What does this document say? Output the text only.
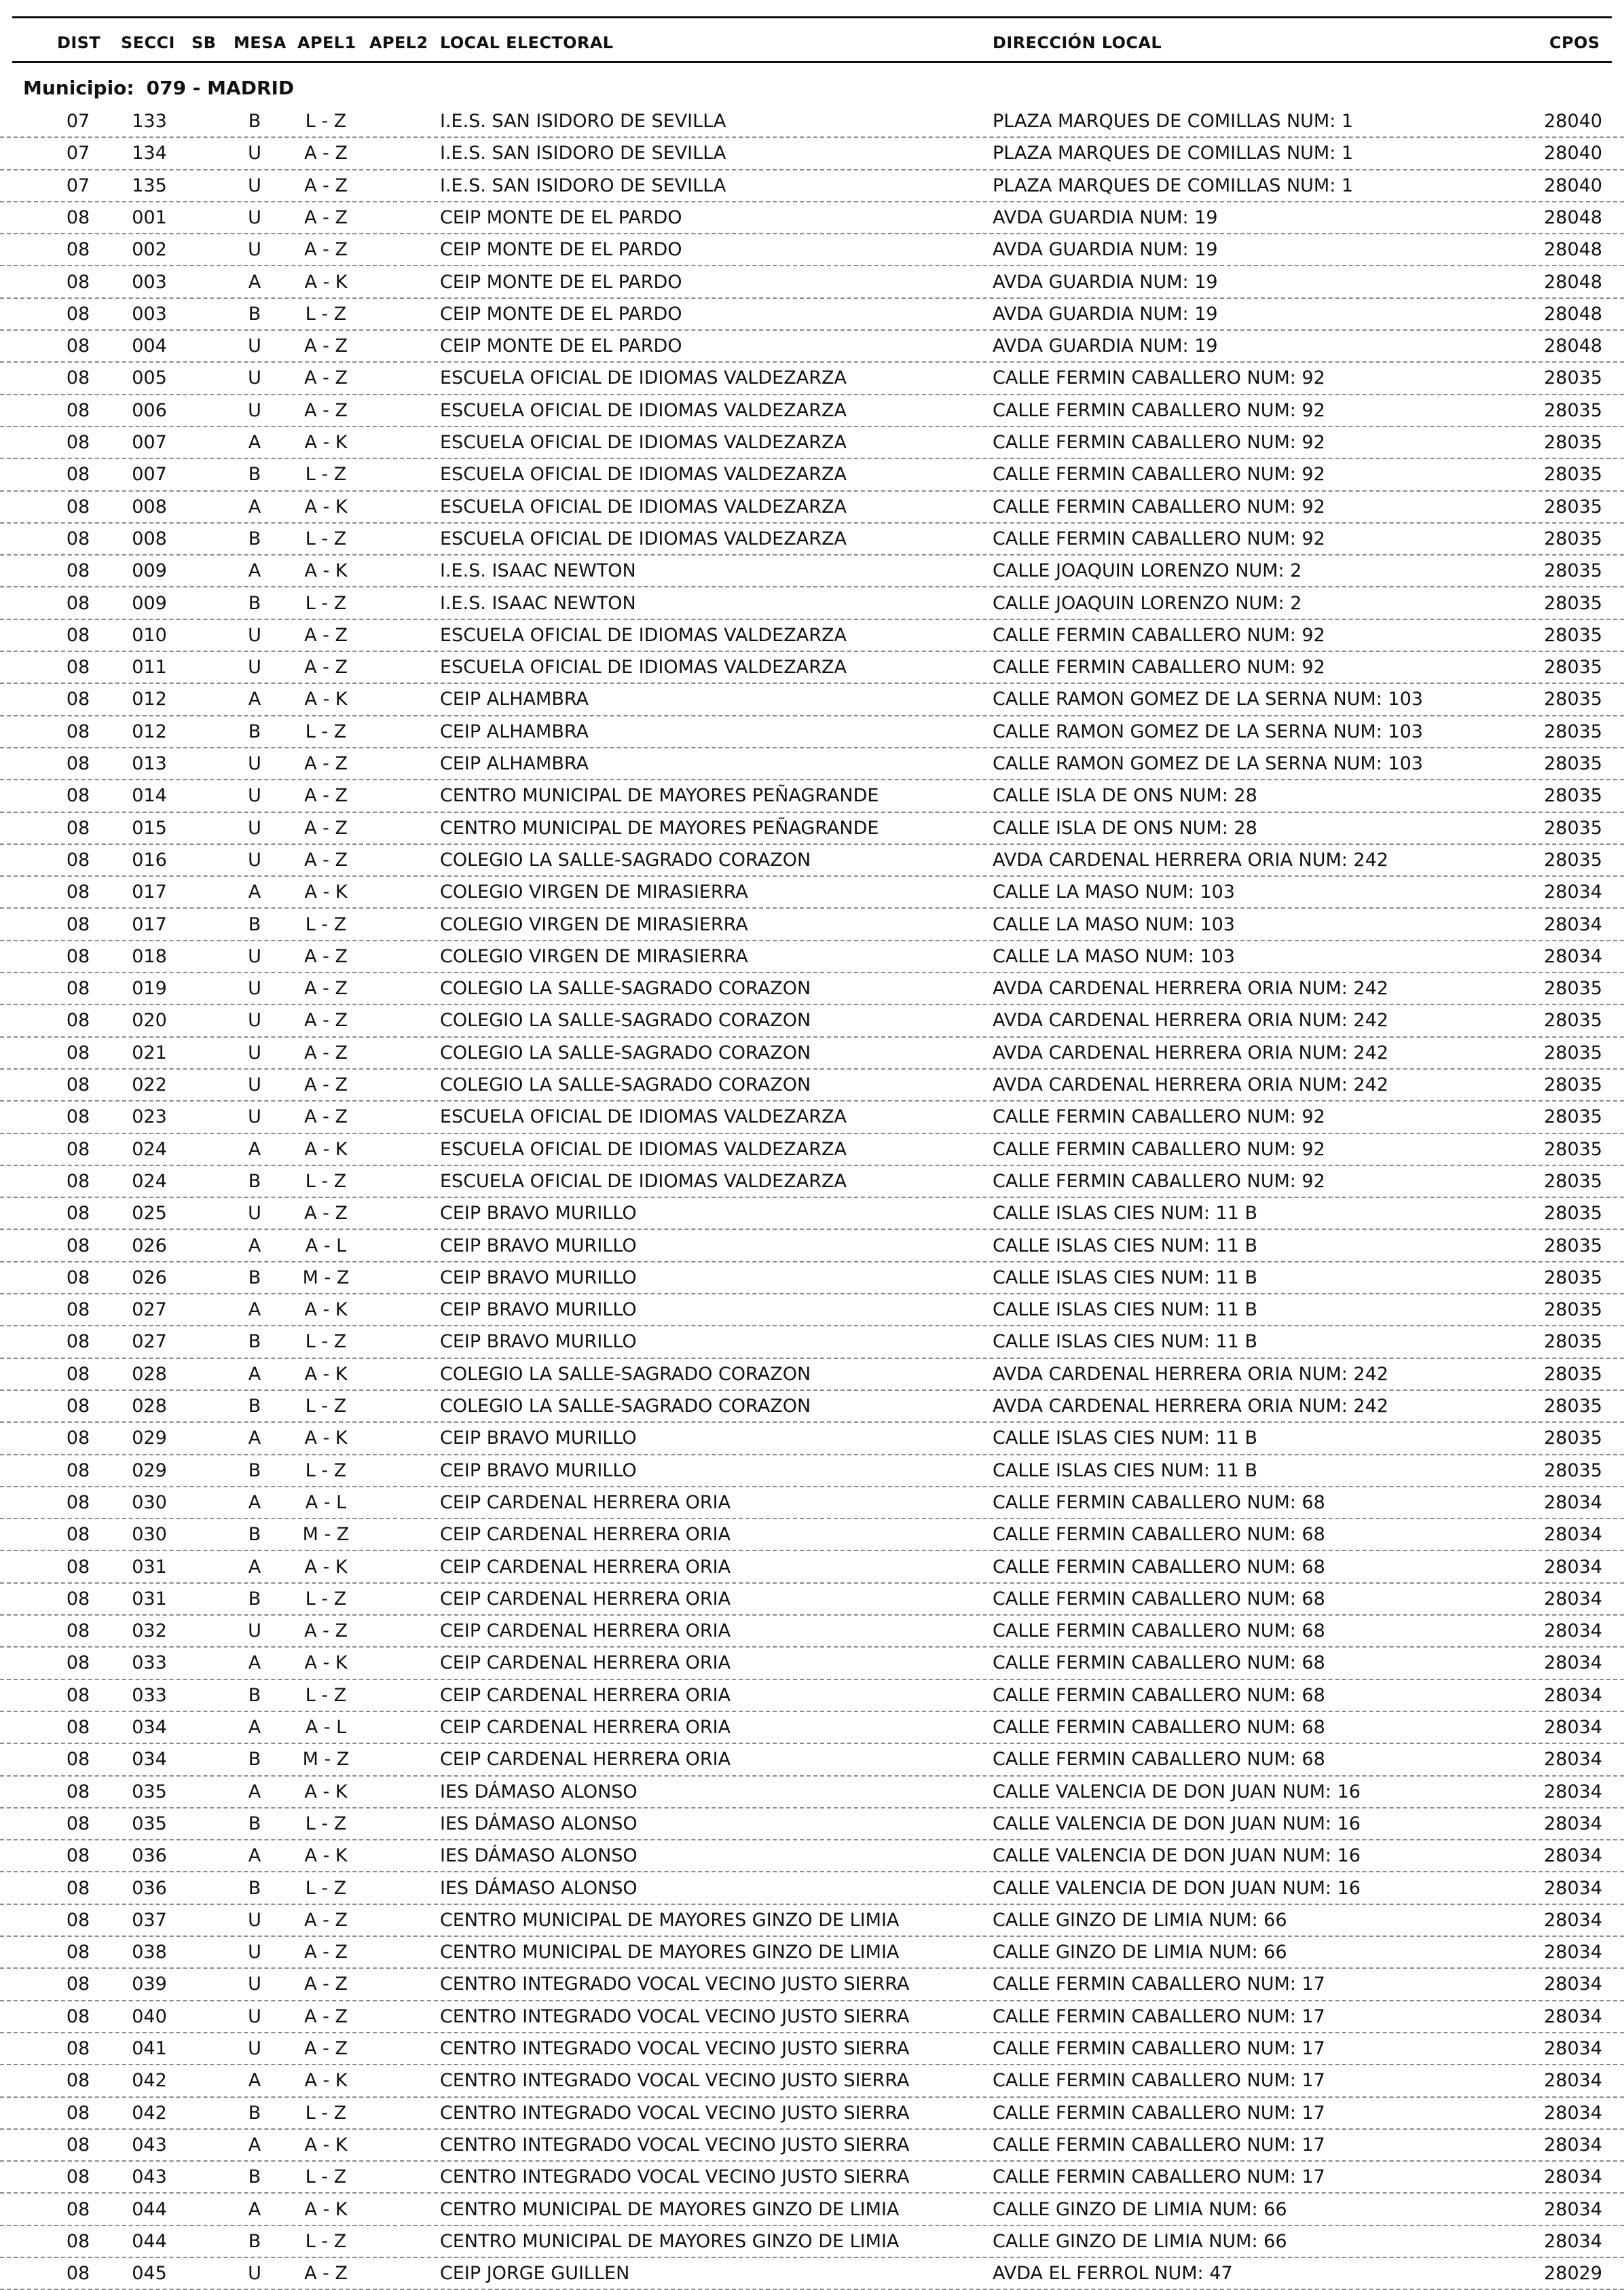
DIST SECCI SB MESA APEL1 APEL2 LOCAL ELECTORAL	DIRECCIÓN LOCAL	CPOS
Municipio: 079 - MADRID
07	133	B	L - Z	I.E.S. SAN ISIDORO DE SEVILLA	PLAZA MARQUES DE COMILLAS NUM: 1	28040
07	134	U	A - Z	I.E.S. SAN ISIDORO DE SEVILLA	PLAZA MARQUES DE COMILLAS NUM: 1	28040
07	135	U	A - Z	I.E.S. SAN ISIDORO DE SEVILLA	PLAZA MARQUES DE COMILLAS NUM: 1	28040
08	001	U	A - Z	CEIP MONTE DE EL PARDO	AVDA GUARDIA NUM: 19	28048
08	002	U	A - Z	CEIP MONTE DE EL PARDO	AVDA GUARDIA NUM: 19	28048
08	003	A	A - K	CEIP MONTE DE EL PARDO	AVDA GUARDIA NUM: 19	28048
08	003	B	L - Z	CEIP MONTE DE EL PARDO	AVDA GUARDIA NUM: 19	28048
08	004	U	A - Z	CEIP MONTE DE EL PARDO	AVDA GUARDIA NUM: 19	28048
08	005	U	A - Z	ESCUELA OFICIAL DE IDIOMAS VALDEZARZA	CALLE FERMIN CABALLERO NUM: 92	28035
08	006	U	A - Z	ESCUELA OFICIAL DE IDIOMAS VALDEZARZA	CALLE FERMIN CABALLERO NUM: 92	28035
08	007	A	A - K	ESCUELA OFICIAL DE IDIOMAS VALDEZARZA	CALLE FERMIN CABALLERO NUM: 92	28035
08	007	B	L - Z	ESCUELA OFICIAL DE IDIOMAS VALDEZARZA	CALLE FERMIN CABALLERO NUM: 92	28035
08	008	A	A - K	ESCUELA OFICIAL DE IDIOMAS VALDEZARZA	CALLE FERMIN CABALLERO NUM: 92	28035
08	008	B	L - Z	ESCUELA OFICIAL DE IDIOMAS VALDEZARZA	CALLE FERMIN CABALLERO NUM: 92	28035
08	009	A	A - K	I.E.S. ISAAC NEWTON	CALLE JOAQUIN LORENZO NUM: 2	28035
08	009	B	L - Z	I.E.S. ISAAC NEWTON	CALLE JOAQUIN LORENZO NUM: 2	28035
08	010	U	A - Z	ESCUELA OFICIAL DE IDIOMAS VALDEZARZA	CALLE FERMIN CABALLERO NUM: 92	28035
08	011	U	A - Z	ESCUELA OFICIAL DE IDIOMAS VALDEZARZA	CALLE FERMIN CABALLERO NUM: 92	28035
08	012	A	A - K	CEIP ALHAMBRA	CALLE RAMON GOMEZ DE LA SERNA NUM: 103	28035
08	012	B	L - Z	CEIP ALHAMBRA	CALLE RAMON GOMEZ DE LA SERNA NUM: 103	28035
08	013	U	A - Z	CEIP ALHAMBRA	CALLE RAMON GOMEZ DE LA SERNA NUM: 103	28035
08	014	U	A - Z	CENTRO MUNICIPAL DE MAYORES PEÑAGRANDE	CALLE ISLA DE ONS NUM: 28	28035
08	015	U	A - Z	CENTRO MUNICIPAL DE MAYORES PEÑAGRANDE	CALLE ISLA DE ONS NUM: 28	28035
08	016	U	A - Z	COLEGIO LA SALLE-SAGRADO CORAZON	AVDA CARDENAL HERRERA ORIA NUM: 242	28035
08	017	A	A - K	COLEGIO VIRGEN DE MIRASIERRA	CALLE LA MASO NUM: 103	28034
08	017	B	L - Z	COLEGIO VIRGEN DE MIRASIERRA	CALLE LA MASO NUM: 103	28034
08	018	U	A - Z	COLEGIO VIRGEN DE MIRASIERRA	CALLE LA MASO NUM: 103	28034
08	019	U	A - Z	COLEGIO LA SALLE-SAGRADO CORAZON	AVDA CARDENAL HERRERA ORIA NUM: 242	28035
08	020	U	A - Z	COLEGIO LA SALLE-SAGRADO CORAZON	AVDA CARDENAL HERRERA ORIA NUM: 242	28035
08	021	U	A - Z	COLEGIO LA SALLE-SAGRADO CORAZON	AVDA CARDENAL HERRERA ORIA NUM: 242	28035
08	022	U	A - Z	COLEGIO LA SALLE-SAGRADO CORAZON	AVDA CARDENAL HERRERA ORIA NUM: 242	28035
08	023	U	A - Z	ESCUELA OFICIAL DE IDIOMAS VALDEZARZA	CALLE FERMIN CABALLERO NUM: 92	28035
08	024	A	A - K	ESCUELA OFICIAL DE IDIOMAS VALDEZARZA	CALLE FERMIN CABALLERO NUM: 92	28035
08	024	B	L - Z	ESCUELA OFICIAL DE IDIOMAS VALDEZARZA	CALLE FERMIN CABALLERO NUM: 92	28035
08	025	U	A - Z	CEIP BRAVO MURILLO	CALLE ISLAS CIES NUM: 11 B	28035
08	026	A	A - L	CEIP BRAVO MURILLO	CALLE ISLAS CIES NUM: 11 B	28035
08	026	B	M - Z	CEIP BRAVO MURILLO	CALLE ISLAS CIES NUM: 11 B	28035
08	027	A	A - K	CEIP BRAVO MURILLO	CALLE ISLAS CIES NUM: 11 B	28035
08	027	B	L - Z	CEIP BRAVO MURILLO	CALLE ISLAS CIES NUM: 11 B	28035
08	028	A	A - K	COLEGIO LA SALLE-SAGRADO CORAZON	AVDA CARDENAL HERRERA ORIA NUM: 242	28035
08	028	B	L - Z	COLEGIO LA SALLE-SAGRADO CORAZON	AVDA CARDENAL HERRERA ORIA NUM: 242	28035
08	029	A	A - K	CEIP BRAVO MURILLO	CALLE ISLAS CIES NUM: 11 B	28035
08	029	B	L - Z	CEIP BRAVO MURILLO	CALLE ISLAS CIES NUM: 11 B	28035
08	030	A	A - L	CEIP CARDENAL HERRERA ORIA	CALLE FERMIN CABALLERO NUM: 68	28034
08	030	B	M - Z	CEIP CARDENAL HERRERA ORIA	CALLE FERMIN CABALLERO NUM: 68	28034
08	031	A	A - K	CEIP CARDENAL HERRERA ORIA	CALLE FERMIN CABALLERO NUM: 68	28034
08	031	B	L - Z	CEIP CARDENAL HERRERA ORIA	CALLE FERMIN CABALLERO NUM: 68	28034
08	032	U	A - Z	CEIP CARDENAL HERRERA ORIA	CALLE FERMIN CABALLERO NUM: 68	28034
08	033	A	A - K	CEIP CARDENAL HERRERA ORIA	CALLE FERMIN CABALLERO NUM: 68	28034
08	033	B	L - Z	CEIP CARDENAL HERRERA ORIA	CALLE FERMIN CABALLERO NUM: 68	28034
08	034	A	A - L	CEIP CARDENAL HERRERA ORIA	CALLE FERMIN CABALLERO NUM: 68	28034
08	034	B	M - Z	CEIP CARDENAL HERRERA ORIA	CALLE FERMIN CABALLERO NUM: 68	28034
08	035	A	A - K	IES DÁMASO ALONSO	CALLE VALENCIA DE DON JUAN NUM: 16	28034
08	035	B	L - Z	IES DÁMASO ALONSO	CALLE VALENCIA DE DON JUAN NUM: 16	28034
08	036	A	A - K	IES DÁMASO ALONSO	CALLE VALENCIA DE DON JUAN NUM: 16	28034
08	036	B	L - Z	IES DÁMASO ALONSO	CALLE VALENCIA DE DON JUAN NUM: 16	28034
08	037	U	A - Z	CENTRO MUNICIPAL DE MAYORES GINZO DE LIMIA	CALLE GINZO DE LIMIA NUM: 66	28034
08	038	U	A - Z	CENTRO MUNICIPAL DE MAYORES GINZO DE LIMIA	CALLE GINZO DE LIMIA NUM: 66	28034
08	039	U	A - Z	CENTRO INTEGRADO VOCAL VECINO JUSTO SIERRA	CALLE FERMIN CABALLERO NUM: 17	28034
08	040	U	A - Z	CENTRO INTEGRADO VOCAL VECINO JUSTO SIERRA	CALLE FERMIN CABALLERO NUM: 17	28034
08	041	U	A - Z	CENTRO INTEGRADO VOCAL VECINO JUSTO SIERRA	CALLE FERMIN CABALLERO NUM: 17	28034
08	042	A	A - K	CENTRO INTEGRADO VOCAL VECINO JUSTO SIERRA	CALLE FERMIN CABALLERO NUM: 17	28034
08	042	B	L - Z	CENTRO INTEGRADO VOCAL VECINO JUSTO SIERRA	CALLE FERMIN CABALLERO NUM: 17	28034
08	043	A	A - K	CENTRO INTEGRADO VOCAL VECINO JUSTO SIERRA	CALLE FERMIN CABALLERO NUM: 17	28034
08	043	B	L - Z	CENTRO INTEGRADO VOCAL VECINO JUSTO SIERRA	CALLE FERMIN CABALLERO NUM: 17	28034
08	044	A	A - K	CENTRO MUNICIPAL DE MAYORES GINZO DE LIMIA	CALLE GINZO DE LIMIA NUM: 66	28034
08	044	B	L - Z	CENTRO MUNICIPAL DE MAYORES GINZO DE LIMIA	CALLE GINZO DE LIMIA NUM: 66	28034
08	045	U	A - Z	CEIP JORGE GUILLEN	AVDA EL FERROL NUM: 47	28029
